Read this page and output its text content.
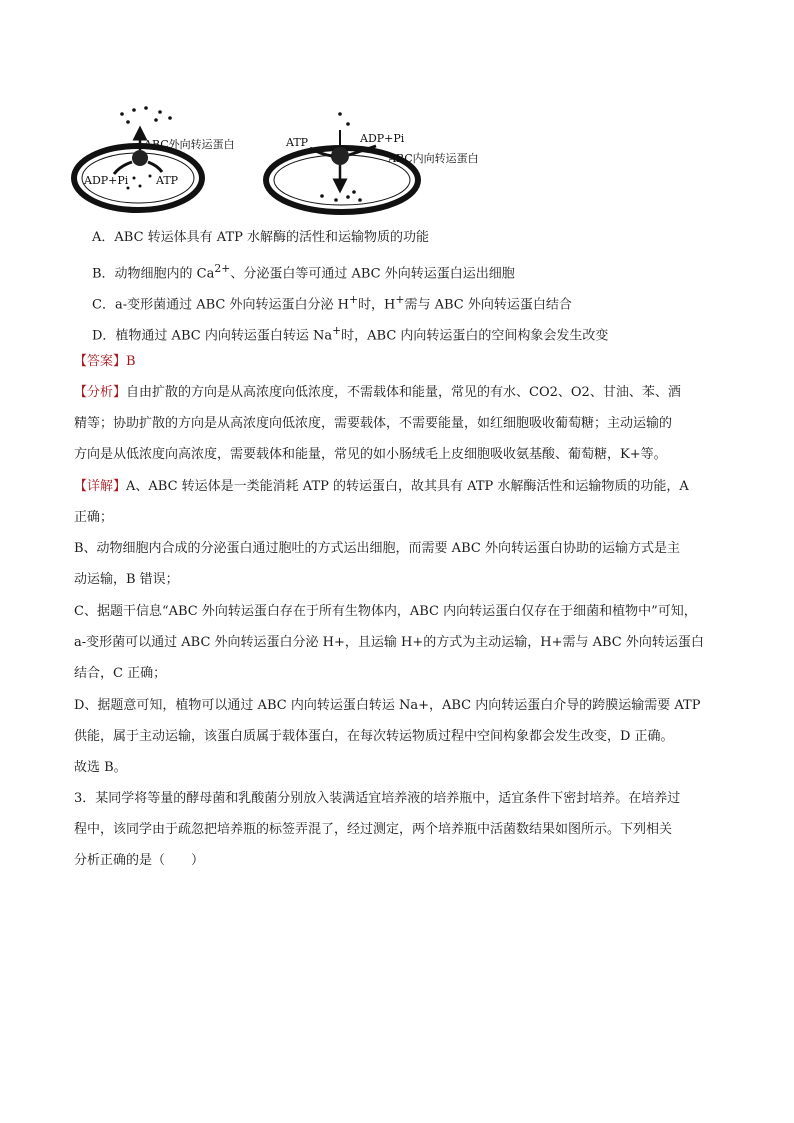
ABC外向转运蛋白
ADP+Pi	ATP
ATP	ADP+Pi
ABC内向转运蛋白
A．ABC 转运体具有 ATP 水解酶的活性和运输物质的功能
B．动物细胞内的 $Ca^{2+}$、分泌蛋白等可通过 ABC 外向转运蛋白运出细胞
C．a-变形菌通过 ABC 外向转运蛋白分泌 H+时，H+需与 ABC 外向转运蛋白结合
D．植物通过 ABC 内向转运蛋白转运 Na+时，ABC 内向转运蛋白的空间构象会发生改变
【答案】B
【分析】自由扩散的方向是从高浓度向低浓度，不需载体和能量，常见的有水、CO2、O2、甘油、苯、酒
精等；协助扩散的方向是从高浓度向低浓度，需要载体，不需要能量，如红细胞吸收葡萄糖；主动运输的
方向是从低浓度向高浓度，需要载体和能量，常见的如小肠绒毛上皮细胞吸收氨基酸、葡萄糖，K+等。
【详解】A、ABC 转运体是一类能消耗 ATP 的转运蛋白，故其具有 ATP 水解酶活性和运输物质的功能，A
正确；
B、动物细胞内合成的分泌蛋白通过胞吐的方式运出细胞，而需要 ABC 外向转运蛋白协助的运输方式是主
动运输，B 错误；
C、据题干信息“ABC 外向转运蛋白存在于所有生物体内，ABC 内向转运蛋白仅存在于细菌和植物中”可知，
a-变形菌可以通过 ABC 外向转运蛋白分泌 H+，且运输 H+的方式为主动运输，H+需与 ABC 外向转运蛋白
结合，C 正确；
D、据题意可知，植物可以通过 ABC 内向转运蛋白转运 Na+，ABC 内向转运蛋白介导的跨膜运输需要 ATP
供能，属于主动运输，该蛋白质属于载体蛋白，在每次转运物质过程中空间构象都会发生改变，D 正确。
故选 B。
3．某同学将等量的酵母菌和乳酸菌分别放入装满适宜培养液的培养瓶中，适宜条件下密封培养。在培养过
程中，该同学由于疏忽把培养瓶的标签弄混了，经过测定，两个培养瓶中活菌数结果如图所示。下列相关
分析正确的是（　　）
